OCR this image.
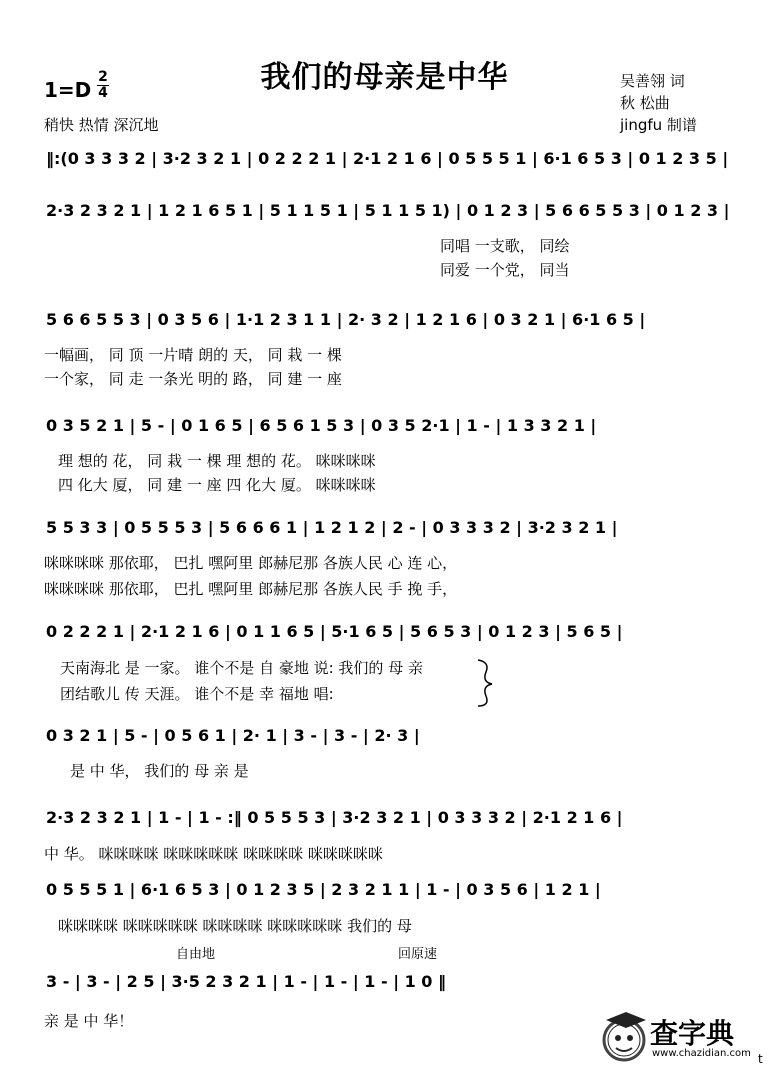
我们的母亲是中华
1=D
2
4
稍快 热情 深沉地
吴善翎 词
秋 松曲
jingfu 制谱
‖:(0 3 3 3 2 | 3·2 3 2 1 | 0 2 2 2 1 | 2·1 2 1 6 | 0 5 5 5 1 | 6·1 6 5 3 | 0 1 2 3 5 |
2·3 2 3 2 1 | 1 2 1 6 5 1 | 5 1 1 5 1 | 5 1 1 5 1) | 0 1 2 3 | 5 6 6 5 5 3 | 0 1 2 3 |
同唱 一支歌， 同绘
同爱 一个党， 同当
5 6 6 5 5 3 | 0 3 5 6 | 1·1 2 3 1 1 | 2· 3 2 | 1 2 1 6 | 0 3 2 1 | 6·1 6 5 |
一幅画， 同 顶 一片晴 朗的 天， 同 栽 一 棵
一个家， 同 走 一条光 明的 路， 同 建 一 座
0 3 5 2 1 | 5 - | 0 1 6 5 | 6 5 6 1 5 3 | 0 3 5 2·1 | 1 - | 1 3 3 2 1 |
理 想的 花， 同 栽 一 棵 理 想的 花。 咪咪咪咪
四 化大 厦， 同 建 一 座 四 化大 厦。 咪咪咪咪
5 5 3 3 | 0 5 5 5 3 | 5 6 6 6 1 | 1 2 1 2 | 2 - | 0 3 3 3 2 | 3·2 3 2 1 |
咪咪咪咪 那依耶， 巴扎 嘿阿里 郎赫尼那 各族人民 心 连 心，
咪咪咪咪 那依耶， 巴扎 嘿阿里 郎赫尼那 各族人民 手 挽 手，
0 2 2 2 1 | 2·1 2 1 6 | 0 1 1 6 5 | 5·1 6 5 | 5 6 5 3 | 0 1 2 3 | 5 6 5 |
天南海北 是 一家。 谁个不是 自 豪地 说: 我们的 母 亲
团结歌儿 传 天涯。 谁个不是 幸 福地 唱:
0 3 2 1 | 5 - | 0 5 6 1 | 2· 1 | 3 - | 3 - | 2· 3 |
是 中 华， 我们的 母 亲 是
2·3 2 3 2 1 | 1 - | 1 - :‖ 0 5 5 5 3 | 3·2 3 2 1 | 0 3 3 3 2 | 2·1 2 1 6 |
中 华。 咪咪咪咪 咪咪咪咪咪 咪咪咪咪 咪咪咪咪咪
0 5 5 5 1 | 6·1 6 5 3 | 0 1 2 3 5 | 2 3 2 1 1 | 1 - | 0 3 5 6 | 1 2 1 |
咪咪咪咪 咪咪咪咪咪 咪咪咪咪 咪咪咪咪咪 我们的 母
自由地	回原速
3 - | 3 - | 2 5 | 3·5 2 3 2 1 | 1 - | 1 - | 1 - | 1 0 ‖
亲 是 中 华！	查字典
www.chazidian.com t
